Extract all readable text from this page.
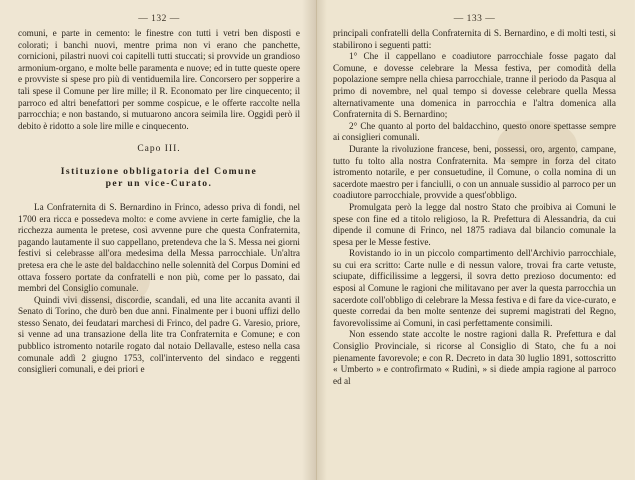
— 132 —

comuni, e parte in cemento: le finestre con tutti i vetri ben disposti e colorati; i banchi nuovi, mentre prima non vi erano che panchette, cornicioni, pilastri nuovi coi capitelli tutti stuccati; si provvide un grandioso armonium-organo, e molte belle paramenta e nuove; ed in tutte queste opere e provviste si spese pro più di ventiduemila lire. Concorsero per sopperire a tali spese il Comune per lire mille; il R. Economato per lire cinquecento; il parroco ed altri benefattori per somme cospicue, e le offerte raccolte nella parrocchia; e non bastando, si mutuarono ancora seimila lire. Oggidì però il debito è ridotto a sole lire mille e cinquecento.

Capo III.
Istituzione obbligatoria del Comune
per un vice-Curato.

La Confraternita di S. Bernardino in Frinco, adesso priva di fondi, nel 1700 era ricca e possedeva molto: e come avviene in certe famiglie, che la ricchezza aumenta le pretese, così avvenne pure che questa Confraternita, pagando lautamente il suo cappellano, pretendeva che la S. Messa nei giorni festivi si celebrasse all'ora medesima della Messa parrocchiale. Un'altra pretesa era che le aste del baldacchino nelle solennità del Corpus Domini ed ottava fossero portate da confratelli e non più, come per lo passato, dai membri del Consiglio comunale.

Quindi vivi dissensi, discordie, scandali, ed una lite accanita avanti il Senato di Torino, che durò ben due anni. Finalmente per i buoni uffizi dello stesso Senato, dei feudatari marchesi di Frinco, del padre G. Varesio, priore, si venne ad una transazione della lite tra Confraternita e Comune; e con pubblico istromento notarile rogato dal notaio Dellavalle, esteso nella casa comunale addì 2 giugno 1753, coll'intervento del sindaco e reggenti consiglieri comunali, e dei priori e

— 133 —

principali confratelli della Confraternita di S. Bernardino, e di molti testi, si stabilirono i seguenti patti:

1° Che il cappellano e coadiutore parrocchiale fosse pagato dal Comune, e dovesse celebrare la Messa festiva, per comodità della popolazione sempre nella chiesa parrocchiale, tranne il periodo da Pasqua al primo di novembre, nel qual tempo si dovesse celebrare quella Messa alternativamente una domenica in parrocchia e l'altra domenica alla Confraternita di S. Bernardino;

2° Che quanto al porto del baldacchino, questo onore spettasse sempre ai consiglieri comunali.

Durante la rivoluzione francese, beni, possessi, oro, argento, campane, tutto fu tolto alla nostra Confraternita. Ma sempre in forza del citato istromento notarile, e per consuetudine, il Comune, o colla nomina di un sacerdote maestro per i fanciulli, o con un annuale sussidio al parroco per un coadiutore parrocchiale, provvide a quest'obbligo.

Promulgata però la legge dal nostro Stato che proibiva ai Comuni le spese con fine ed a titolo religioso, la R. Prefettura di Alessandria, da cui dipende il comune di Frinco, nel 1875 radiava dal bilancio comunale la spesa per le Messe festive.

Rovistando io in un piccolo compartimento dell'Archivio parrocchiale, su cui era scritto: Carte nulle e di nessun valore, trovai fra carte vetuste, sciupate, difficilissime a leggersi, il sovra detto prezioso documento: ed esposi al Comune le ragioni che militavano per aver la questa parrocchia un sacerdote coll'obbligo di celebrare la Messa festiva e di fare da vice-curato, e queste corredai da ben molte sentenze dei supremi magistrati del Regno, favorevolissime ai Comuni, in casi perfettamente consimili.

Non essendo state accolte le nostre ragioni dalla R. Prefettura e dal Consiglio Provinciale, si ricorse al Consiglio di Stato, che fu a noi pienamente favorevole; e con R. Decreto in data 30 luglio 1891, sottoscritto « Umberto » e controfirmato « Rudinì, » si diede ampia ragione al parroco ed al
